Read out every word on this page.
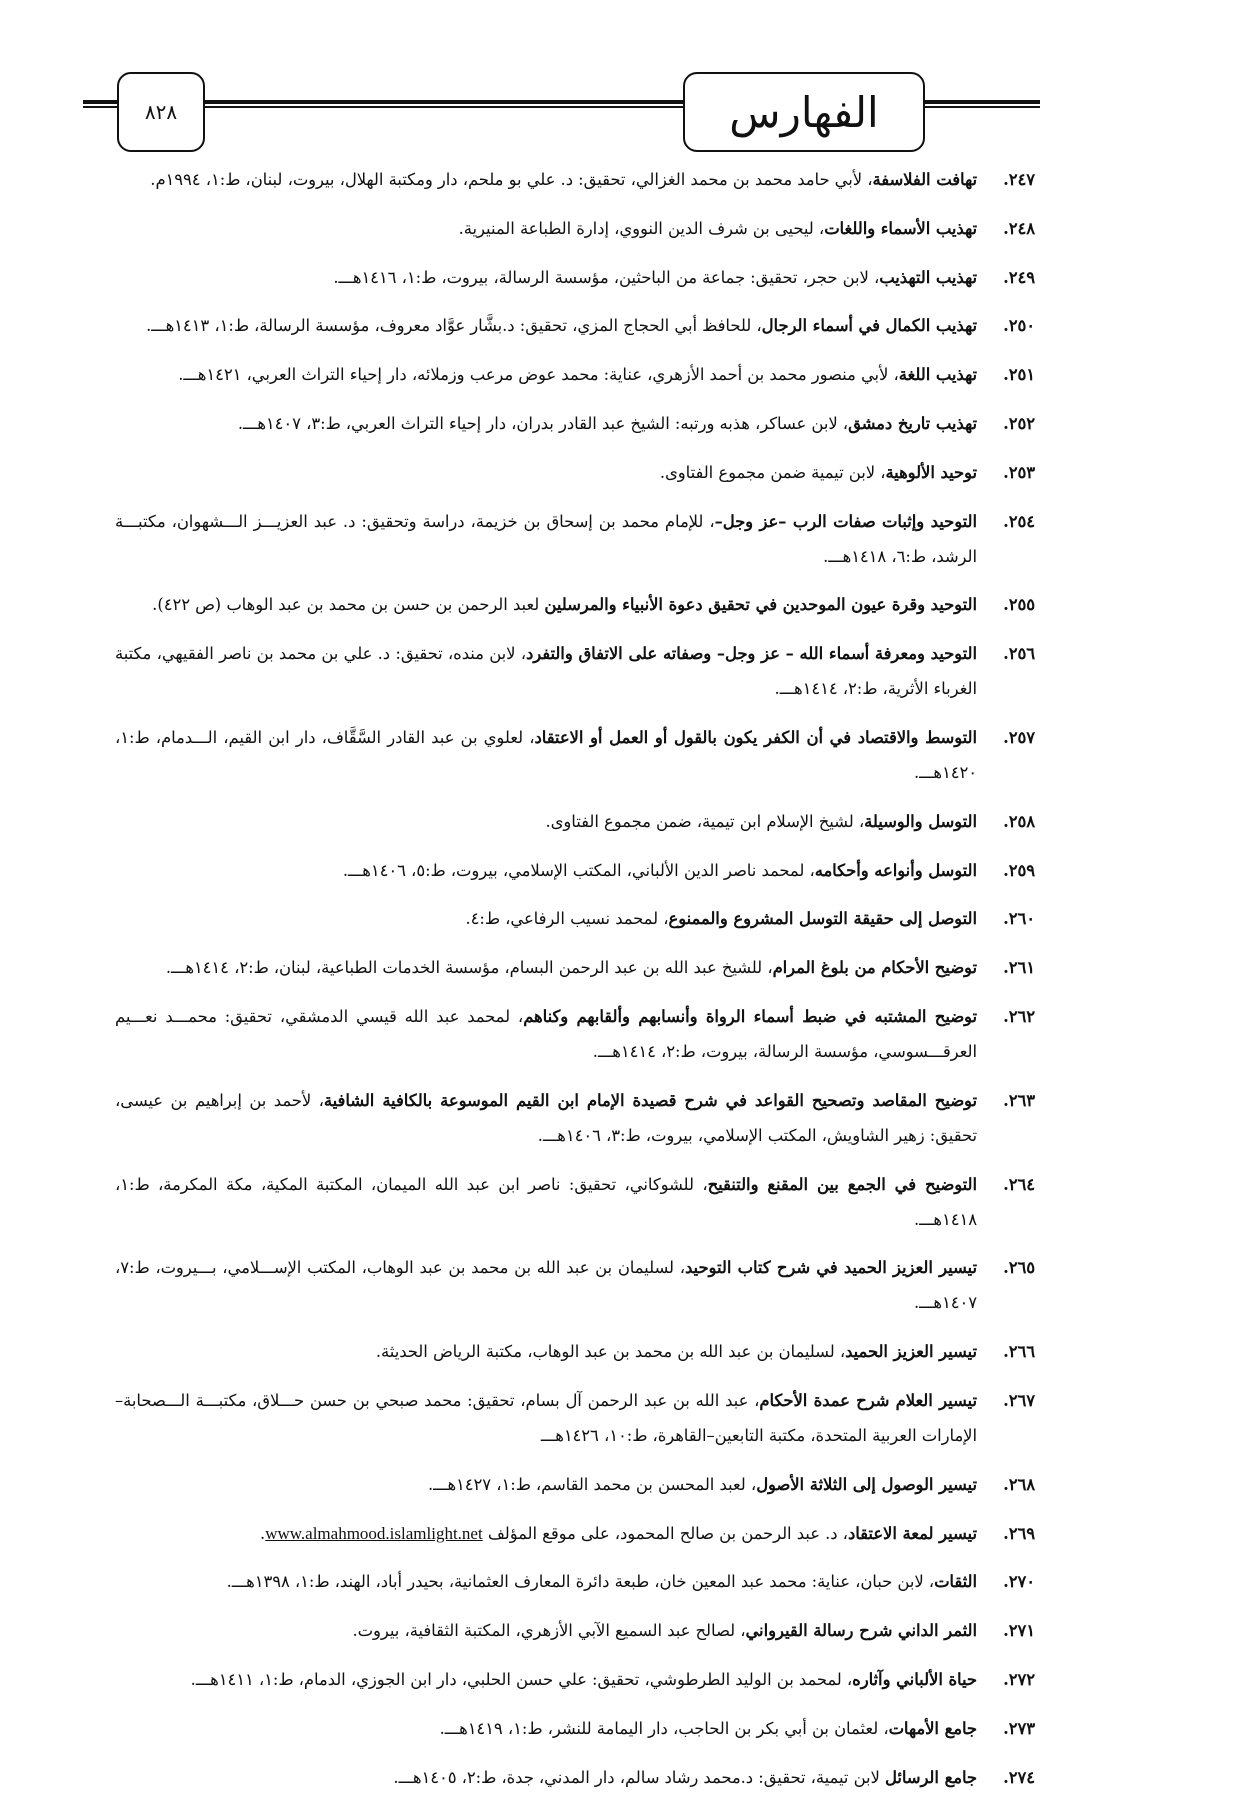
الفهارس
٨٢٨
٢٤٧.
تهافت الفلاسفة، لأبي حامد محمد بن محمد الغزالي، تحقيق: د. علي بو ملحم، دار ومكتبة الهلال، بيروت، لبنان، ط:١، ١٩٩٤م.
٢٤٨.
تهذيب الأسماء واللغات، ليحيى بن شرف الدين النووي، إدارة الطباعة المنيرية.
٢٤٩.
تهذيب التهذيب، لابن حجر، تحقيق: جماعة من الباحثين، مؤسسة الرسالة، بيروت، ط:١، ١٤١٦هـــ.
٢٥٠.
تهذيب الكمال في أسماء الرجال، للحافظ أبي الحجاج المزي، تحقيق: د.بشَّار عوَّاد معروف، مؤسسة الرسالة، ط:١، ١٤١٣هـــ.
٢٥١.
تهذيب اللغة، لأبي منصور محمد بن أحمد الأزهري، عناية: محمد عوض مرعب وزملائه، دار إحياء التراث العربي، ١٤٢١هـــ.
٢٥٢.
تهذيب تاريخ دمشق، لابن عساكر، هذبه ورتبه: الشيخ عبد القادر بدران، دار إحياء التراث العربي، ط:٣، ١٤٠٧هـــ.
٢٥٣.
توحيد الألوهية، لابن تيمية ضمن مجموع الفتاوى.
٢٥٤.
التوحيد وإثبات صفات الرب –عز وجل–، للإمام محمد بن إسحاق بن خزيمة، دراسة وتحقيق: د. عبد العزيـــز الـــشهوان، مكتبـــة الرشد، ط:٦، ١٤١٨هـــ.
٢٥٥.
التوحيد وقرة عيون الموحدين في تحقيق دعوة الأنبياء والمرسلين لعبد الرحمن بن حسن بن محمد بن عبد الوهاب (ص ٤٢٢).
٢٥٦.
التوحيد ومعرفة أسماء الله – عز وجل– وصفاته على الاتفاق والتفرد، لابن منده، تحقيق: د. علي بن محمد بن ناصر الفقيهي، مكتبة الغرباء الأثرية، ط:٢، ١٤١٤هـــ.
٢٥٧.
التوسط والاقتصاد في أن الكفر يكون بالقول أو العمل أو الاعتقاد، لعلوي بن عبد القادر السَّقَّاف، دار ابن القيم، الـــدمام، ط:١، ١٤٢٠هـــ.
٢٥٨.
التوسل والوسيلة، لشيخ الإسلام ابن تيمية، ضمن مجموع الفتاوى.
٢٥٩.
التوسل وأنواعه وأحكامه، لمحمد ناصر الدين الألباني، المكتب الإسلامي، بيروت، ط:٥، ١٤٠٦هـــ.
٢٦٠.
التوصل إلى حقيقة التوسل المشروع والممنوع، لمحمد نسيب الرفاعي، ط:٤.
٢٦١.
توضيح الأحكام من بلوغ المرام، للشيخ عبد الله بن عبد الرحمن البسام، مؤسسة الخدمات الطباعية، لبنان، ط:٢، ١٤١٤هـــ.
٢٦٢.
توضيح المشتبه في ضبط أسماء الرواة وأنسابهم وألقابهم وكناهم، لمحمد عبد الله قيسي الدمشقي، تحقيق: محمـــد نعـــيم العرقـــسوسي، مؤسسة الرسالة، بيروت، ط:٢، ١٤١٤هـــ.
٢٦٣.
توضيح المقاصد وتصحيح القواعد في شرح قصيدة الإمام ابن القيم الموسوعة بالكافية الشافية، لأحمد بن إبراهيم بن عيسى، تحقيق: زهير الشاويش، المكتب الإسلامي، بيروت، ط:٣، ١٤٠٦هـــ.
٢٦٤.
التوضيح في الجمع بين المقنع والتنقيح، للشوكاني، تحقيق: ناصر ابن عبد الله الميمان، المكتبة المكية، مكة المكرمة، ط:١، ١٤١٨هـــ.
٢٦٥.
تيسير العزيز الحميد في شرح كتاب التوحيد، لسليمان بن عبد الله بن محمد بن عبد الوهاب، المكتب الإســـلامي، بـــيروت، ط:٧، ١٤٠٧هـــ.
٢٦٦.
تيسير العزيز الحميد، لسليمان بن عبد الله بن محمد بن عبد الوهاب، مكتبة الرياض الحديثة.
٢٦٧.
تيسير العلام شرح عمدة الأحكام، عبد الله بن عبد الرحمن آل بسام، تحقيق: محمد صبحي بن حسن حـــلاق، مكتبـــة الـــصحابة– الإمارات العربية المتحدة، مكتبة التابعين–القاهرة، ط:١٠، ١٤٢٦هـــ
٢٦٨.
تيسير الوصول إلى الثلاثة الأصول، لعبد المحسن بن محمد القاسم، ط:١، ١٤٢٧هـــ.
٢٦٩.
تيسير لمعة الاعتقاد، د. عبد الرحمن بن صالح المحمود، على موقع المؤلف www.almahmood.islamlight.net.
٢٧٠.
الثقات، لابن حبان، عناية: محمد عبد المعين خان، طبعة دائرة المعارف العثمانية، بحيدر أباد، الهند، ط:١، ١٣٩٨هـــ.
٢٧١.
الثمر الداني شرح رسالة القيرواني، لصالح عبد السميع الآبي الأزهري، المكتبة الثقافية، بيروت.
٢٧٢.
حياة الألباني وآثاره، لمحمد بن الوليد الطرطوشي، تحقيق: علي حسن الحلبي، دار ابن الجوزي، الدمام، ط:١، ١٤١١هـــ.
٢٧٣.
جامع الأمهات، لعثمان بن أبي بكر بن الحاجب، دار اليمامة للنشر، ط:١، ١٤١٩هـــ.
٢٧٤.
جامع الرسائل لابن تيمية، تحقيق: د.محمد رشاد سالم، دار المدني، جدة، ط:٢، ١٤٠٥هـــ.
